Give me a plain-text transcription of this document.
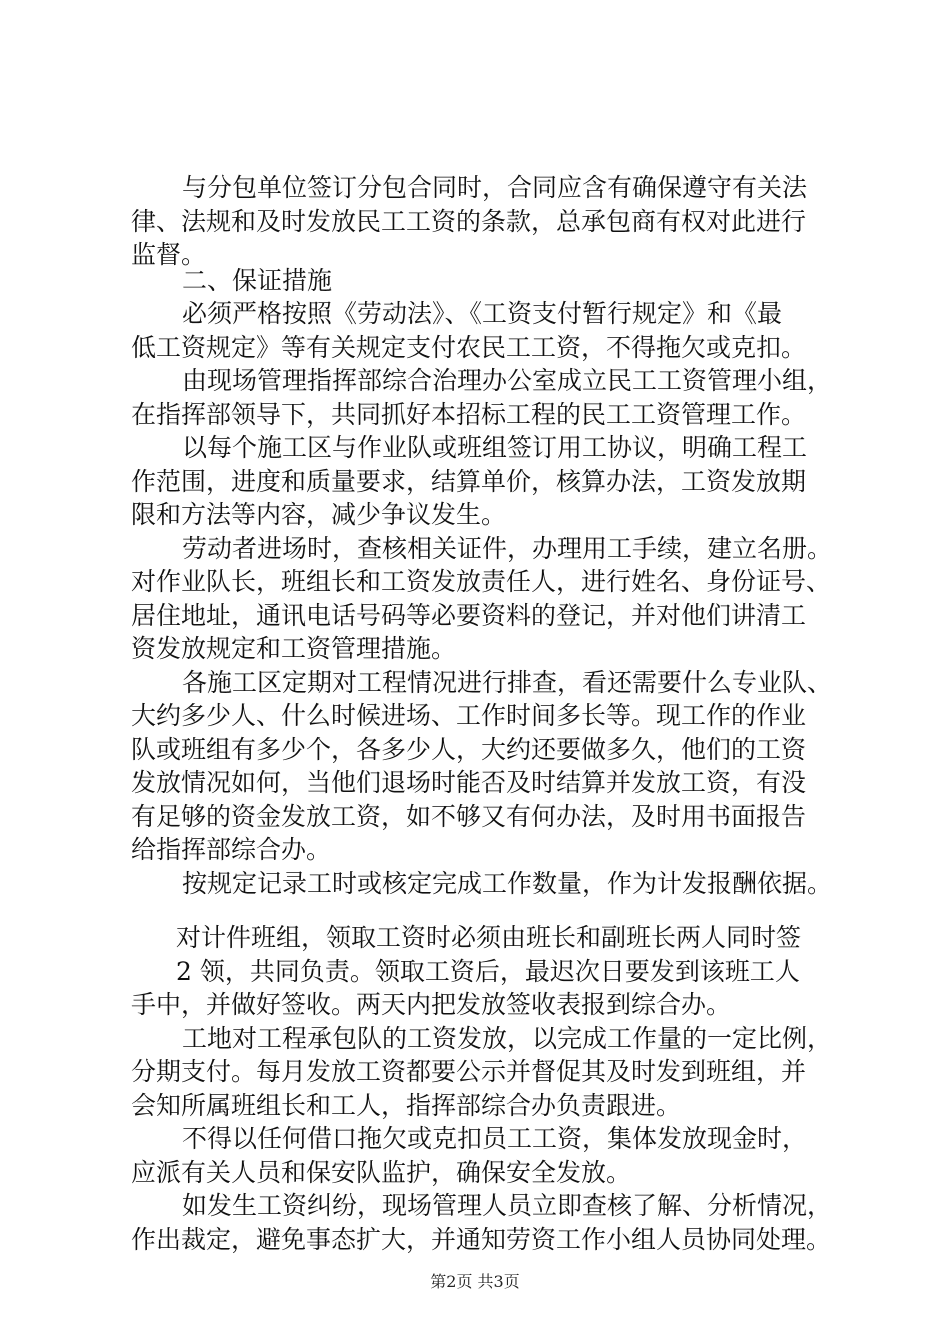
与分包单位签订分包合同时，合同应含有确保遵守有关法
律、法规和及时发放民工工资的条款，总承包商有权对此进行
监督。
二、保证措施
必须严格按照《劳动法》、《工资支付暂行规定》和《最
低工资规定》等有关规定支付农民工工资，不得拖欠或克扣。
由现场管理指挥部综合治理办公室成立民工工资管理小组，
在指挥部领导下，共同抓好本招标工程的民工工资管理工作。
以每个施工区与作业队或班组签订用工协议，明确工程工
作范围，进度和质量要求，结算单价，核算办法，工资发放期
限和方法等内容，减少争议发生。
劳动者进场时，查核相关证件，办理用工手续，建立名册。
对作业队长，班组长和工资发放责任人，进行姓名、身份证号、
居住地址，通讯电话号码等必要资料的登记，并对他们讲清工
资发放规定和工资管理措施。
各施工区定期对工程情况进行排查，看还需要什么专业队、
大约多少人、什么时候进场、工作时间多长等。现工作的作业
队或班组有多少个，各多少人，大约还要做多久，他们的工资
发放情况如何，当他们退场时能否及时结算并发放工资，有没
有足够的资金发放工资，如不够又有何办法，及时用书面报告
给指挥部综合办。
按规定记录工时或核定完成工作数量，作为计发报酬依据。
对计件班组，领取工资时必须由班长和副班长两人同时签
2 领，共同负责。领取工资后，最迟次日要发到该班工人
手中，并做好签收。两天内把发放签收表报到综合办。
工地对工程承包队的工资发放，以完成工作量的一定比例，
分期支付。每月发放工资都要公示并督促其及时发到班组，并
会知所属班组长和工人，指挥部综合办负责跟进。
不得以任何借口拖欠或克扣员工工资，集体发放现金时，
应派有关人员和保安队监护，确保安全发放。
如发生工资纠纷，现场管理人员立即查核了解、分析情况，
作出裁定，避免事态扩大，并通知劳资工作小组人员协同处理。
第2页 共3页
